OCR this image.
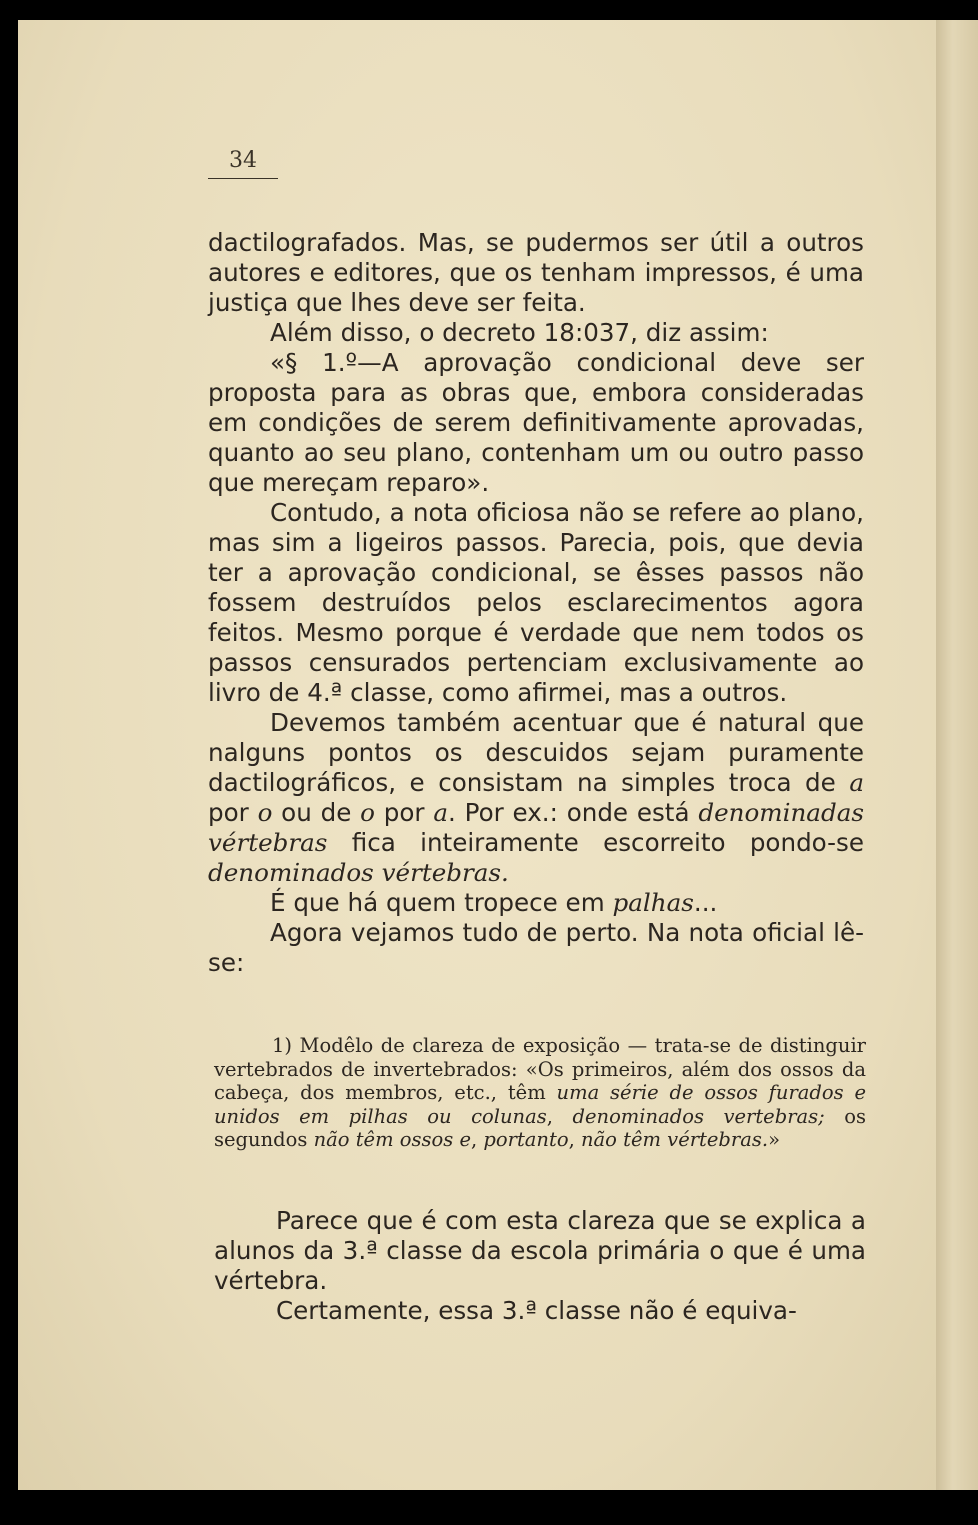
34

dactilografados. Mas, se pudermos ser útil a outros autores e editores, que os tenham impressos, é uma justiça que lhes deve ser feita.

Além disso, o decreto 18:037, diz assim:

«§ 1.º—A aprovação condicional deve ser proposta para as obras que, embora consideradas em condições de serem definitivamente aprovadas, quanto ao seu plano, contenham um ou outro passo que mereçam reparo».

Contudo, a nota oficiosa não se refere ao plano, mas sim a ligeiros passos. Parecia, pois, que devia ter a aprovação condicional, se êsses passos não fossem destruídos pelos esclarecimentos agora feitos. Mesmo porque é verdade que nem todos os passos censurados pertenciam exclusivamente ao livro de 4.ª classe, como afirmei, mas a outros.

Devemos também acentuar que é natural que nalguns pontos os descuidos sejam puramente dactilográficos, e consistam na simples troca de a por o ou de o por a. Por ex.: onde está denominadas vértebras fica inteiramente escorreito pondo-se denominados vértebras.

É que há quem tropece em palhas...

Agora vejamos tudo de perto. Na nota oficial lê-se:

1) Modêlo de clareza de exposição — trata-se de distinguir vertebrados de invertebrados: «Os primeiros, além dos ossos da cabeça, dos membros, etc., têm uma série de ossos furados e unidos em pilhas ou colunas, denominados vertebras; os segundos não têm ossos e, portanto, não têm vértebras.»

Parece que é com esta clareza que se explica a alunos da 3.ª classe da escola primária o que é uma vértebra.

Certamente, essa 3.ª classe não é equiva-
